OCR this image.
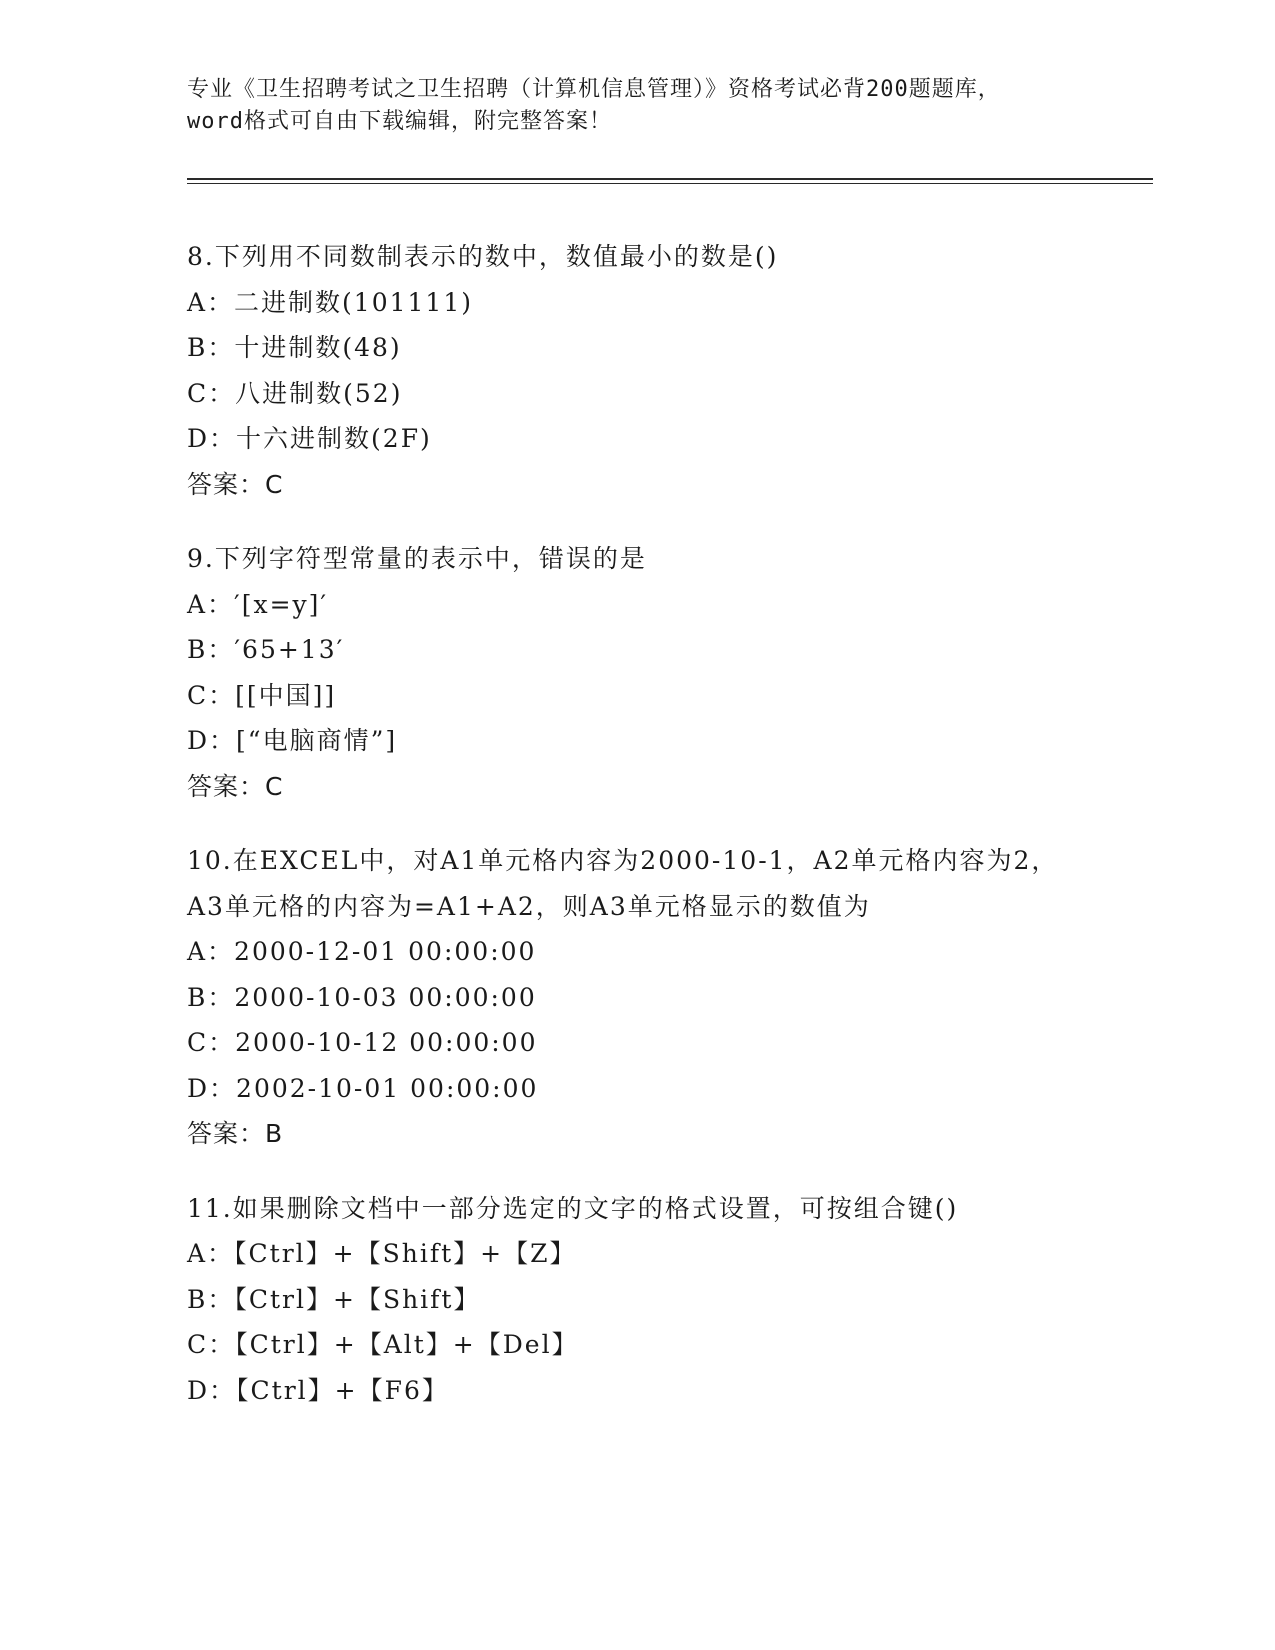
专业《卫生招聘考试之卫生招聘（计算机信息管理）》资格考试必背200题题库，
word格式可自由下载编辑，附完整答案！
8.下列用不同数制表示的数中，数值最小的数是()
A：二进制数(101111)
B：十进制数(48)
C：八进制数(52)
D：十六进制数(2F)
答案：C
9.下列字符型常量的表示中，错误的是
A：′[x=y]′
B：′65+13′
C：[[中国]]
D：[“电脑商情”]
答案：C
10.在EXCEL中，对A1单元格内容为2000-10-1，A2单元格内容为2，
A3单元格的内容为=A1+A2，则A3单元格显示的数值为
A：2000-12-01 00:00:00
B：2000-10-03 00:00:00
C：2000-10-12 00:00:00
D：2002-10-01 00:00:00
答案：B
11.如果删除文档中一部分选定的文字的格式设置，可按组合键()
A：【Ctrl】+【Shift】+【Z】
B：【Ctrl】+【Shift】
C：【Ctrl】+【Alt】+【Del】
D：【Ctrl】+【F6】
